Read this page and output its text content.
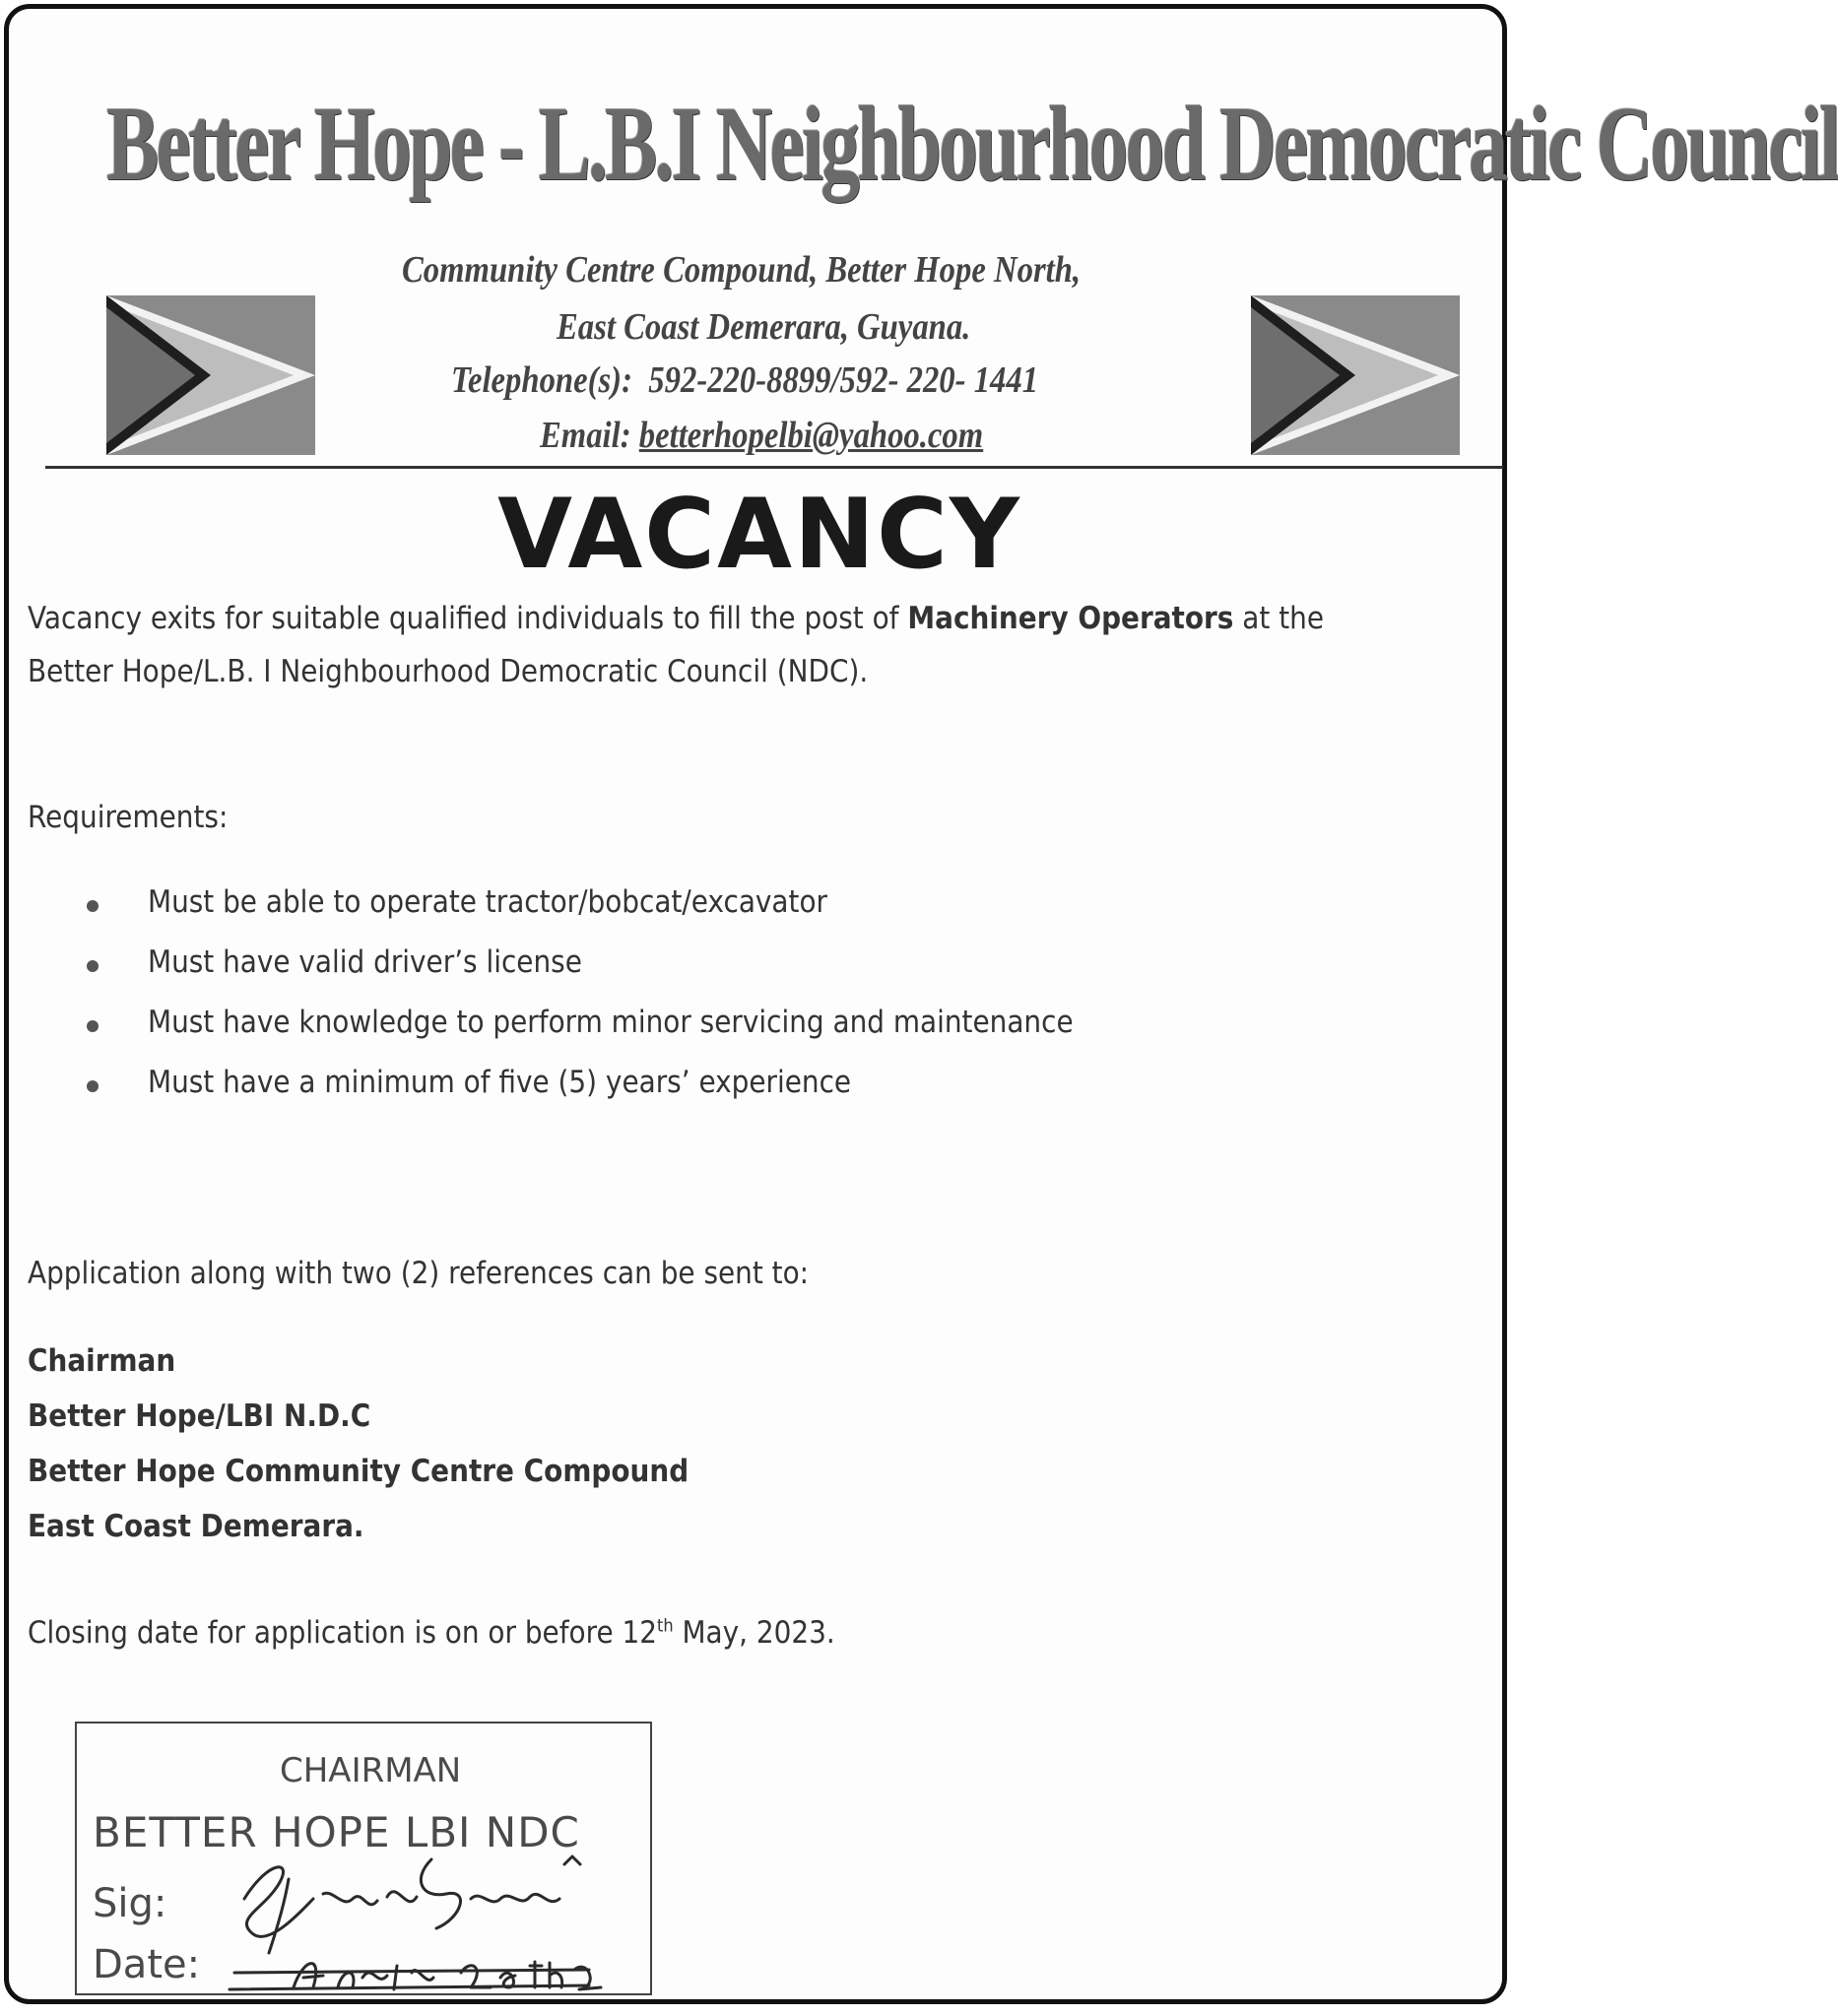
Better Hope - L.B.I Neighbourhood Democratic Council
Community Centre Compound, Better Hope North,
East Coast Demerara, Guyana.
Telephone(s): 592-220-8899/592- 220- 1441
Email: betterhopelbi@yahoo.com
VACANCY
Vacancy exits for suitable qualified individuals to fill the post of Machinery Operators at the
Better Hope/L.B. I Neighbourhood Democratic Council (NDC).
Requirements:
Must be able to operate tractor/bobcat/excavator
Must have valid driver’s license
Must have knowledge to perform minor servicing and maintenance
Must have a minimum of five (5) years’ experience
Application along with two (2) references can be sent to:
Chairman
Better Hope/LBI N.D.C
Better Hope Community Centre Compound
East Coast Demerara.
Closing date for application is on or before 12th May, 2023.
CHAIRMAN
BETTER HOPE LBI NDC
Sig:
Date:
